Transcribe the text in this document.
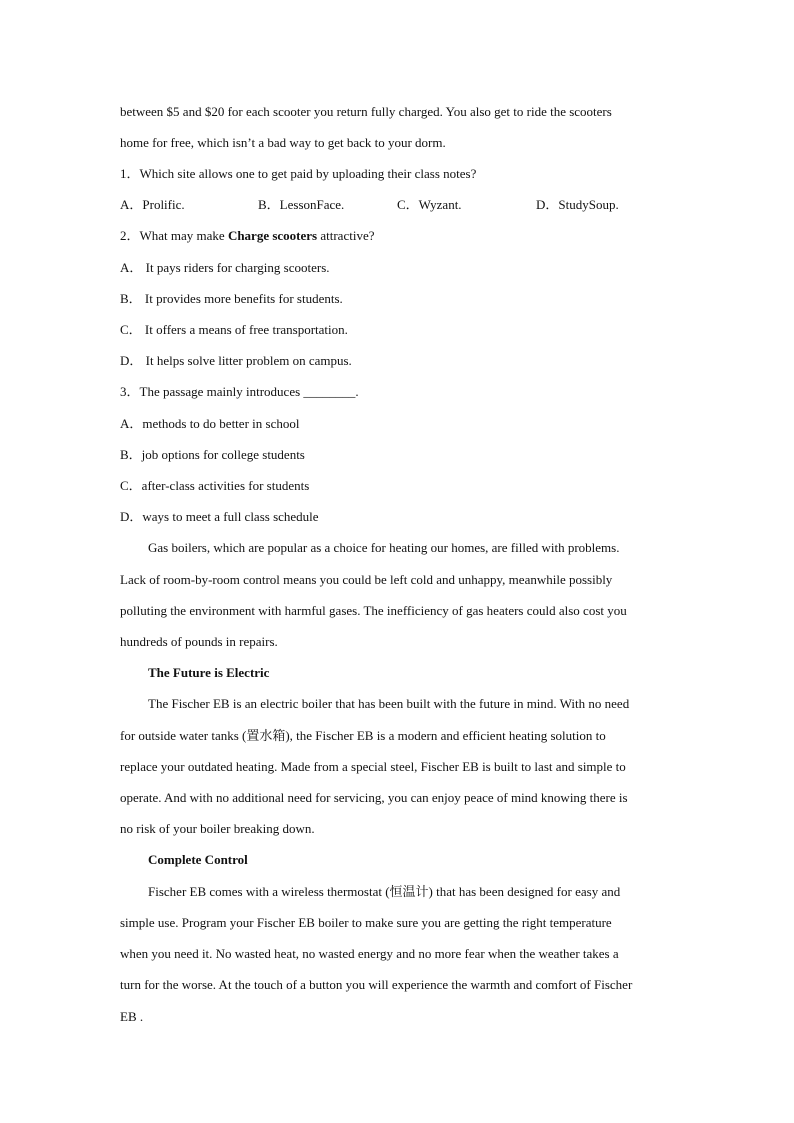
between $5 and $20 for each scooter you return fully charged. You also get to ride the scooters
home for free, which isn’t a bad way to get back to your dorm.
1．Which site allows one to get paid by uploading their class notes?
A．Prolific.	B．LessonFace.	C．Wyzant.	D．StudySoup.
2．What may make Charge scooters attractive?
A． It pays riders for charging scooters.
B． It provides more benefits for students.
C． It offers a means of free transportation.
D． It helps solve litter problem on campus.
3．The passage mainly introduces ________.
A．methods to do better in school
B．job options for college students
C．after-class activities for students
D．ways to meet a full class schedule
Gas boilers, which are popular as a choice for heating our homes, are filled with problems.
Lack of room-by-room control means you could be left cold and unhappy, meanwhile possibly
polluting the environment with harmful gases. The inefficiency of gas heaters could also cost you
hundreds of pounds in repairs.
The Future is Electric
The Fischer EB is an electric boiler that has been built with the future in mind. With no need
for outside water tanks (置水箱), the Fischer EB is a modern and efficient heating solution to
replace your outdated heating. Made from a special steel, Fischer EB is built to last and simple to
operate. And with no additional need for servicing, you can enjoy peace of mind knowing there is
no risk of your boiler breaking down.
Complete Control
Fischer EB comes with a wireless thermostat (恒温计) that has been designed for easy and
simple use. Program your Fischer EB boiler to make sure you are getting the right temperature
when you need it. No wasted heat, no wasted energy and no more fear when the weather takes a
turn for the worse. At the touch of a button you will experience the warmth and comfort of Fischer
EB .
